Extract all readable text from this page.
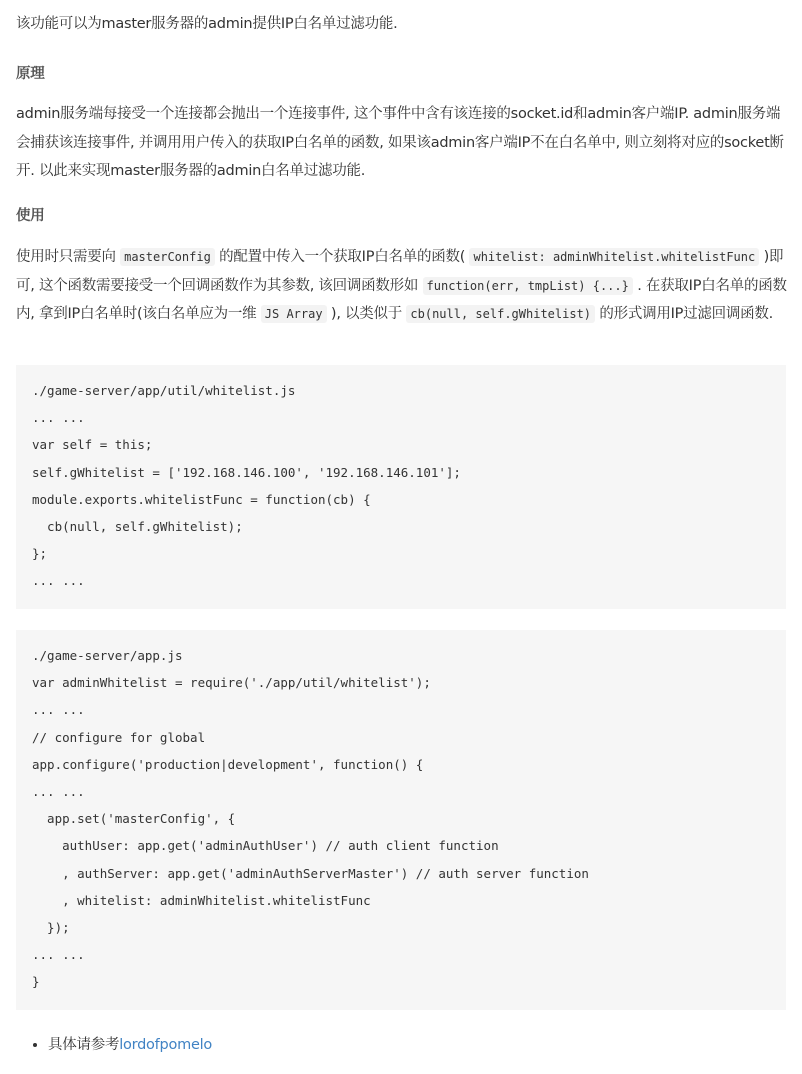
该功能可以为master服务器的admin提供IP白名单过滤功能.

原理

admin服务端每接受一个连接都会抛出一个连接事件, 这个事件中含有该连接的socket.id和admin客户端IP. admin服务端会捕获该连接事件, 并调用用户传入的获取IP白名单的函数, 如果该admin客户端IP不在白名单中, 则立刻将对应的socket断开. 以此来实现master服务器的admin白名单过滤功能.

使用

使用时只需要向 masterConfig 的配置中传入一个获取IP白名单的函数( whitelist: adminWhitelist.whitelistFunc )即可, 这个函数需要接受一个回调函数作为其参数, 该回调函数形如 function(err, tmpList) {...} . 在获取IP白名单的函数内, 拿到IP白名单时(该白名单应为一维 JS Array ), 以类似于 cb(null, self.gWhitelist) 的形式调用IP过滤回调函数.

./game-server/app/util/whitelist.js
... ...
var self = this;
self.gWhitelist = ['192.168.146.100', '192.168.146.101'];
module.exports.whitelistFunc = function(cb) {
cb(null, self.gWhitelist);
};
... ...
./game-server/app.js
var adminWhitelist = require('./app/util/whitelist');
... ...
// configure for global
app.configure('production|development', function() {
... ...
app.set('masterConfig', {
authUser: app.get('adminAuthUser') // auth client function
, authServer: app.get('adminAuthServerMaster') // auth server function
, whitelist: adminWhitelist.whitelistFunc
});
... ...
}
• 具体请参考lordofpomelo
